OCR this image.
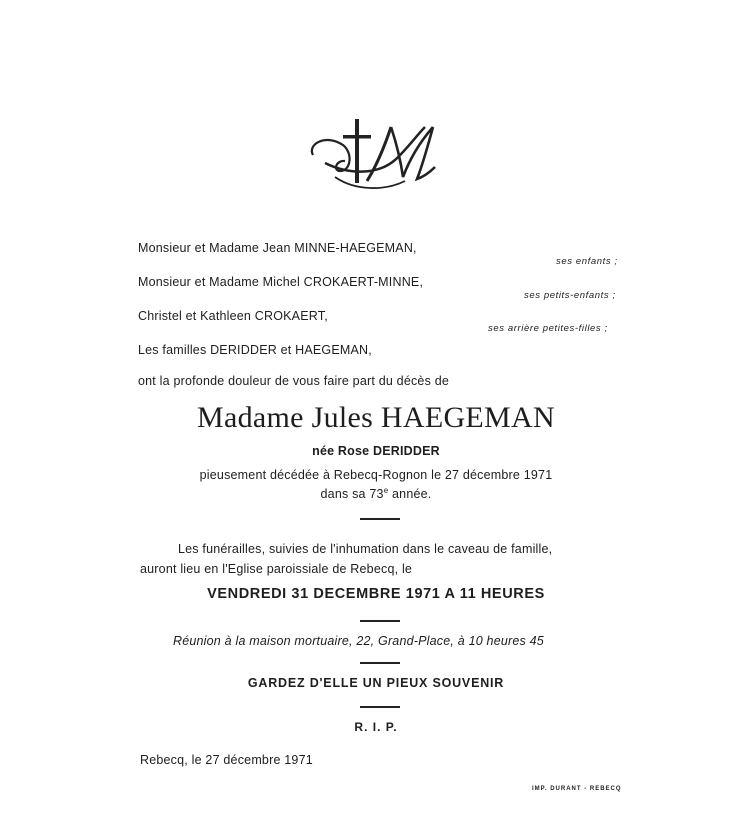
Monsieur et Madame Jean MINNE-HAEGEMAN,
ses enfants ;
Monsieur et Madame Michel CROKAERT-MINNE,
ses petits-enfants ;
Christel et Kathleen CROKAERT,
ses arrière petites-filles ;
Les familles DERIDDER et HAEGEMAN,
ont la profonde douleur de vous faire part du décès de
Madame Jules HAEGEMAN
née Rose DERIDDER
pieusement décédée à Rebecq-Rognon le 27 décembre 1971
dans sa 73e année.
Les funérailles, suivies de l'inhumation dans le caveau de famille,
auront lieu en l'Eglise paroissiale de Rebecq, le
VENDREDI 31 DECEMBRE 1971 A 11 HEURES
Réunion à la maison mortuaire, 22, Grand-Place, à 10 heures 45
GARDEZ D'ELLE UN PIEUX SOUVENIR
R. I. P.
Rebecq, le 27 décembre 1971
IMP. DURANT - REBECQ
